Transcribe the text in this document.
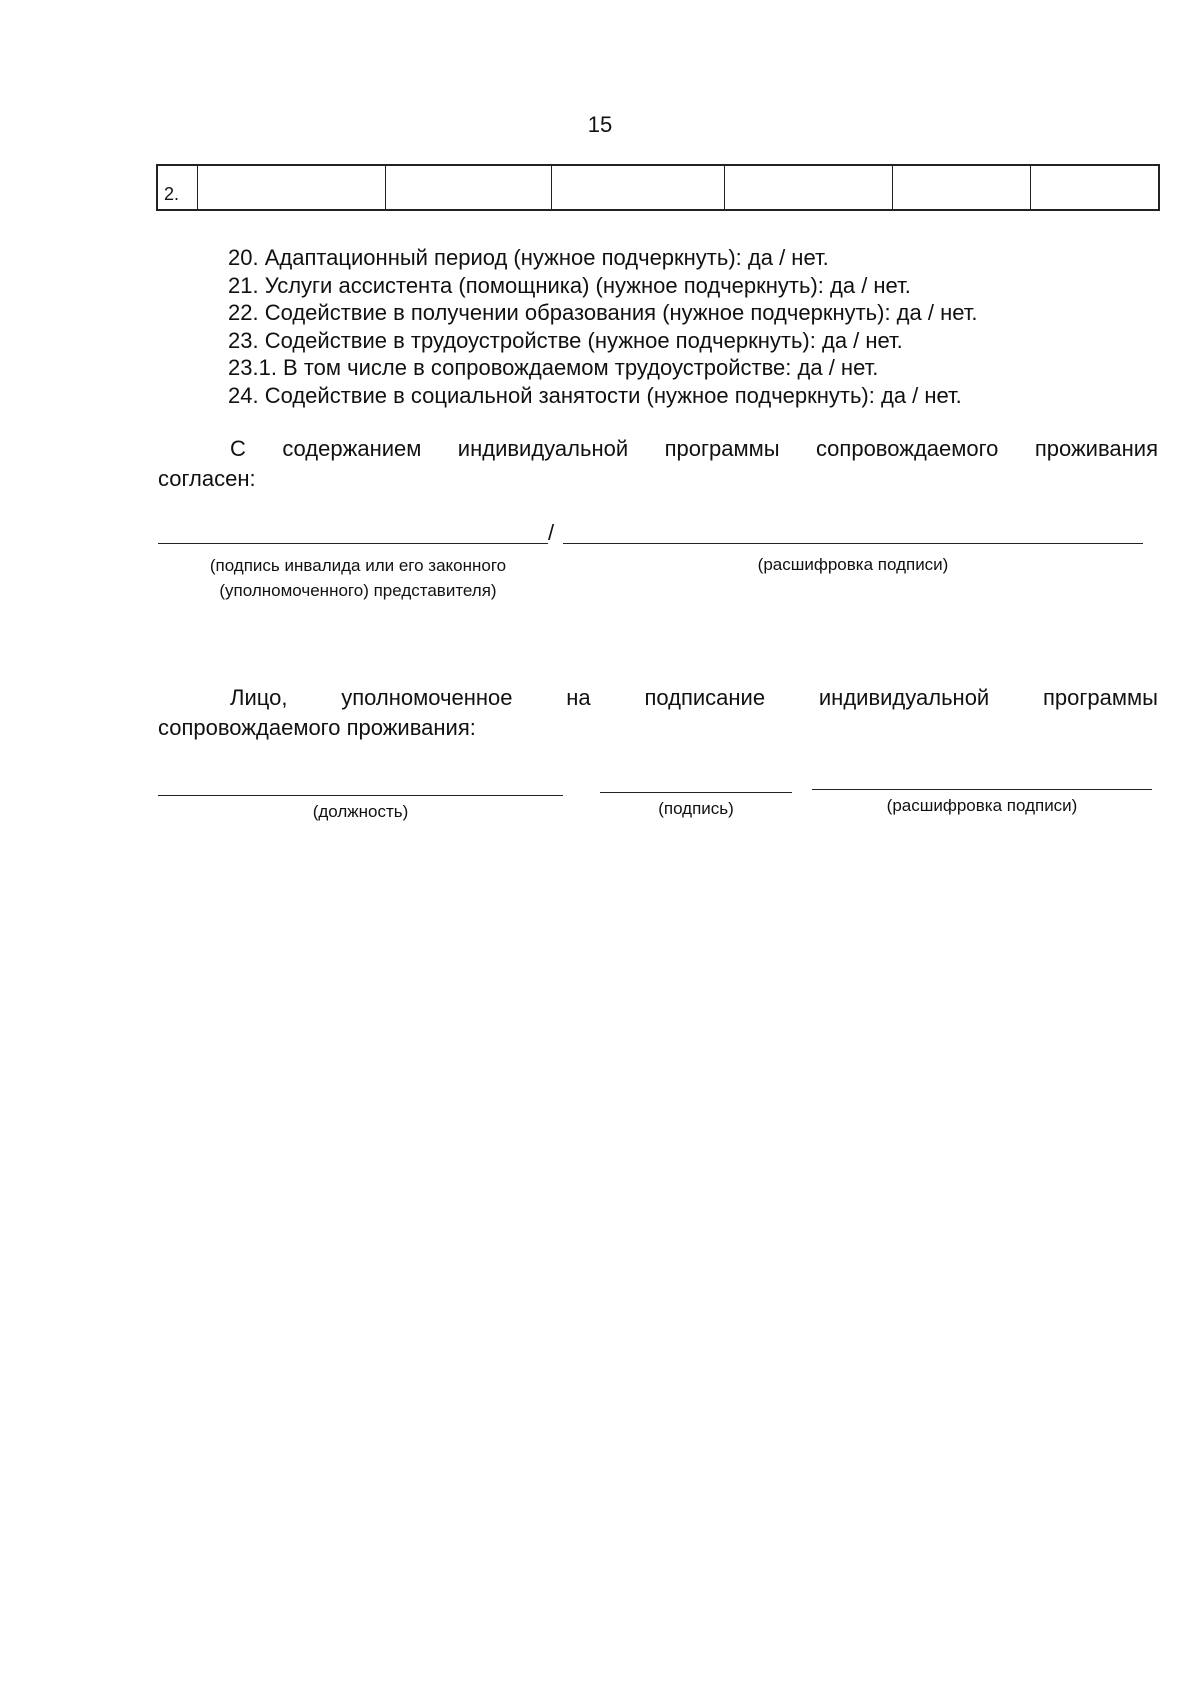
15
2.
20. Адаптационный период (нужное подчеркнуть): да / нет.
21. Услуги ассистента (помощника) (нужное подчеркнуть): да / нет.
22. Содействие в получении образования (нужное подчеркнуть): да / нет.
23. Содействие в трудоустройстве (нужное подчеркнуть): да / нет.
23.1. В том числе в сопровождаемом трудоустройстве: да / нет.
24. Содействие в социальной занятости (нужное подчеркнуть): да / нет.
С содержанием индивидуальной программы сопровождаемого проживания
согласен:
/
(подпись инвалида или его законного
(уполномоченного) представителя)
(расшифровка подписи)
Лицо, уполномоченное на подписание индивидуальной программы
сопровождаемого проживания:
(должность)	(подпись)	(расшифровка подписи)
